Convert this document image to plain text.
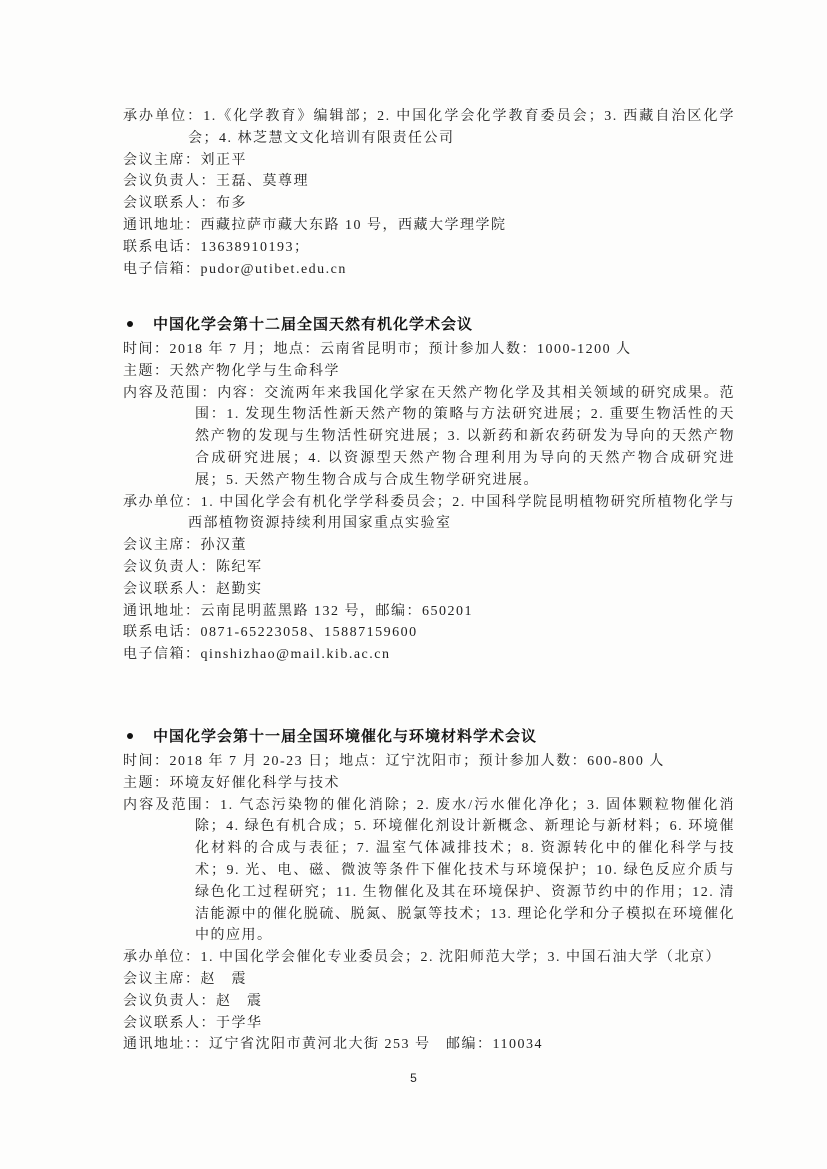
承办单位：1.《化学教育》编辑部；2. 中国化学会化学教育委员会；3. 西藏自治区化学会；4. 林芝慧文文化培训有限责任公司

会议主席：刘正平

会议负责人：王磊、莫尊理

会议联系人：布多

通讯地址：西藏拉萨市藏大东路 10 号，西藏大学理学院

联系电话：13638910193；

电子信箱：pudor@utibet.edu.cn

中国化学会第十二届全国天然有机化学术会议

时间：2018 年 7 月；地点：云南省昆明市；预计参加人数：1000-1200 人

主题：天然产物化学与生命科学

内容及范围：内容：交流两年来我国化学家在天然产物化学及其相关领域的研究成果。范围：1. 发现生物活性新天然产物的策略与方法研究进展；2. 重要生物活性的天然产物的发现与生物活性研究进展；3. 以新药和新农药研发为导向的天然产物合成研究进展；4. 以资源型天然产物合理利用为导向的天然产物合成研究进展；5. 天然产物生物合成与合成生物学研究进展。

承办单位：1. 中国化学会有机化学学科委员会；2. 中国科学院昆明植物研究所植物化学与西部植物资源持续利用国家重点实验室

会议主席：孙汉董

会议负责人：陈纪军

会议联系人：赵勤实

通讯地址：云南昆明蓝黑路 132 号，邮编：650201

联系电话：0871-65223058、15887159600

电子信箱：qinshizhao@mail.kib.ac.cn

中国化学会第十一届全国环境催化与环境材料学术会议

时间：2018 年 7 月 20-23 日；地点：辽宁沈阳市；预计参加人数：600-800 人

主题：环境友好催化科学与技术

内容及范围：1. 气态污染物的催化消除；2. 废水/污水催化净化；3. 固体颗粒物催化消除；4. 绿色有机合成；5. 环境催化剂设计新概念、新理论与新材料；6. 环境催化材料的合成与表征；7. 温室气体减排技术；8. 资源转化中的催化科学与技术；9. 光、电、磁、微波等条件下催化技术与环境保护；10. 绿色反应介质与绿色化工过程研究；11. 生物催化及其在环境保护、资源节约中的作用；12. 清洁能源中的催化脱硫、脱氮、脱氯等技术；13. 理论化学和分子模拟在环境催化中的应用。

承办单位：1. 中国化学会催化专业委员会；2. 沈阳师范大学；3. 中国石油大学（北京）

会议主席：赵　震

会议负责人：赵　震

会议联系人：于学华

通讯地址：：辽宁省沈阳市黄河北大街 253 号　邮编：110034

5
